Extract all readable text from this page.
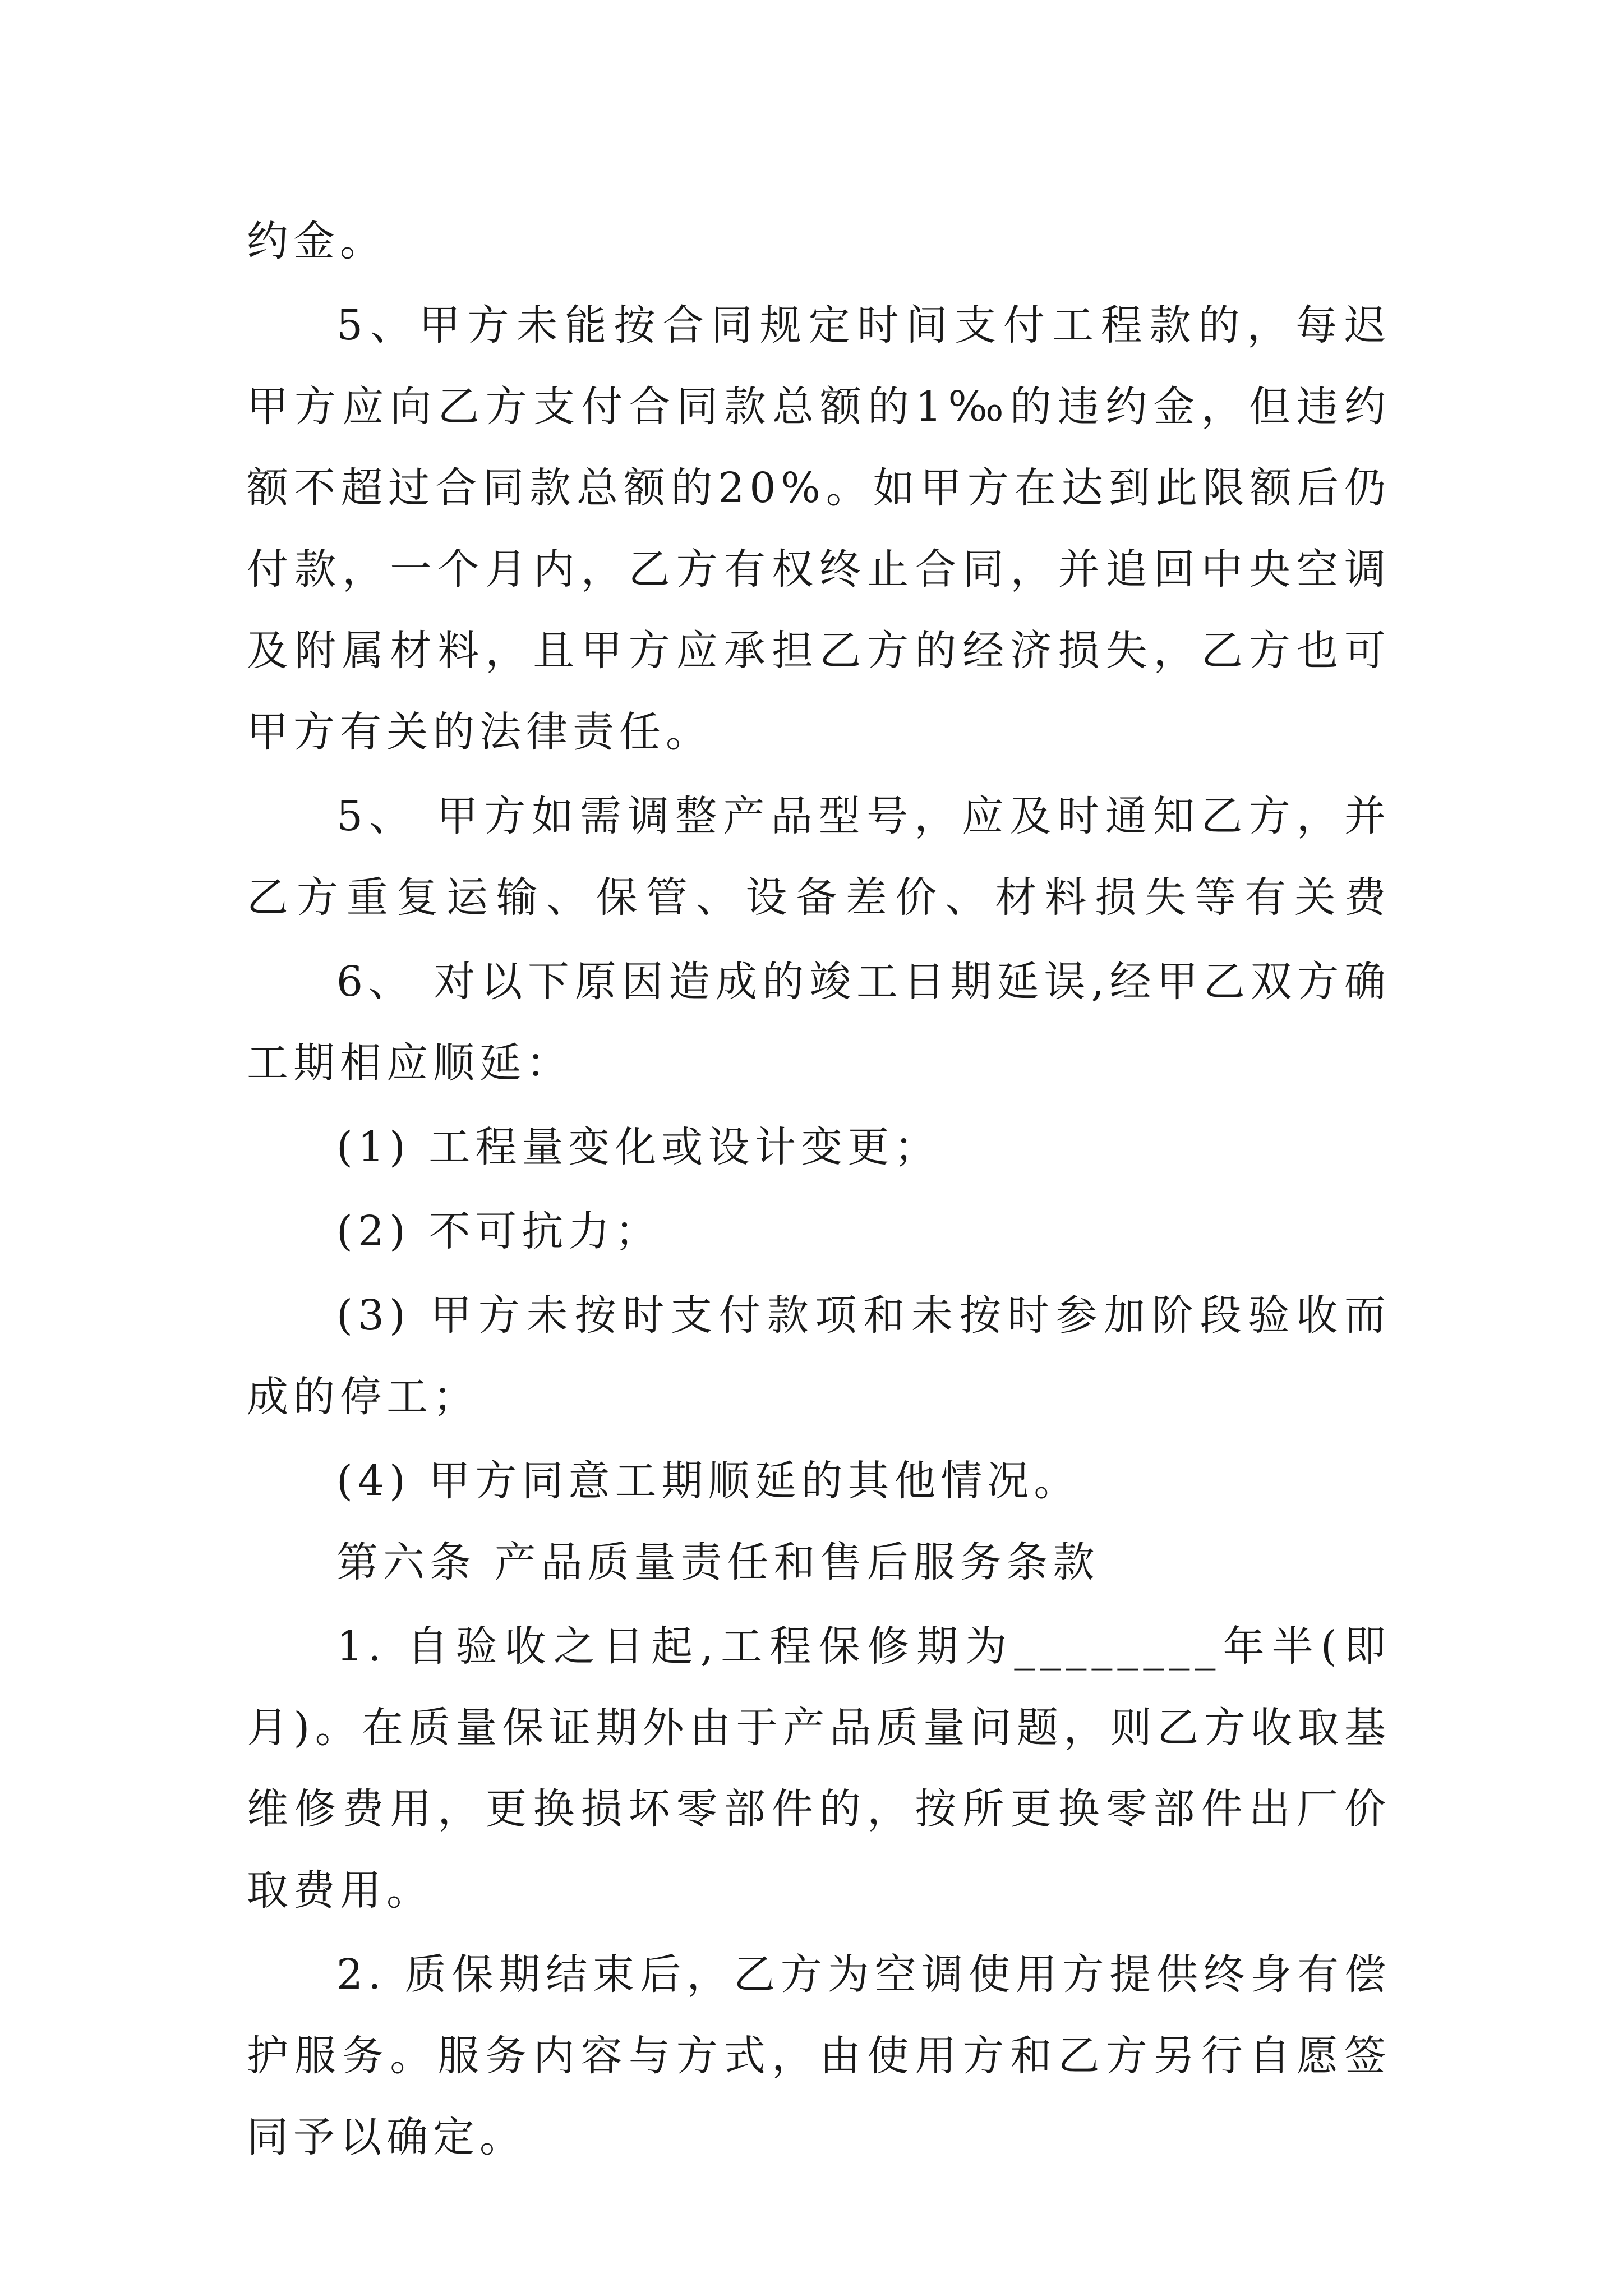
约金。
5、甲方未能按合同规定时间支付工程款的，每迟
甲方应向乙方支付合同款总额的1‰的违约金，但违约
额不超过合同款总额的20%。如甲方在达到此限额后仍
付款，一个月内，乙方有权终止合同，并追回中央空调
及附属材料，且甲方应承担乙方的经济损失，乙方也可
甲方有关的法律责任。
5、 甲方如需调整产品型号，应及时通知乙方，并
乙方重复运输、保管、设备差价、材料损失等有关费
6、 对以下原因造成的竣工日期延误,经甲乙双方确
工期相应顺延：
(1) 工程量变化或设计变更；
(2) 不可抗力；
(3) 甲方未按时支付款项和未按时参加阶段验收而
成的停工；
(4) 甲方同意工期顺延的其他情况。
第六条 产品质量责任和售后服务条款
1. 自验收之日起,工程保修期为________年半(即
月)。在质量保证期外由于产品质量问题，则乙方收取基
维修费用，更换损坏零部件的，按所更换零部件出厂价
取费用。
2. 质保期结束后，乙方为空调使用方提供终身有偿
护服务。服务内容与方式，由使用方和乙方另行自愿签
同予以确定。
